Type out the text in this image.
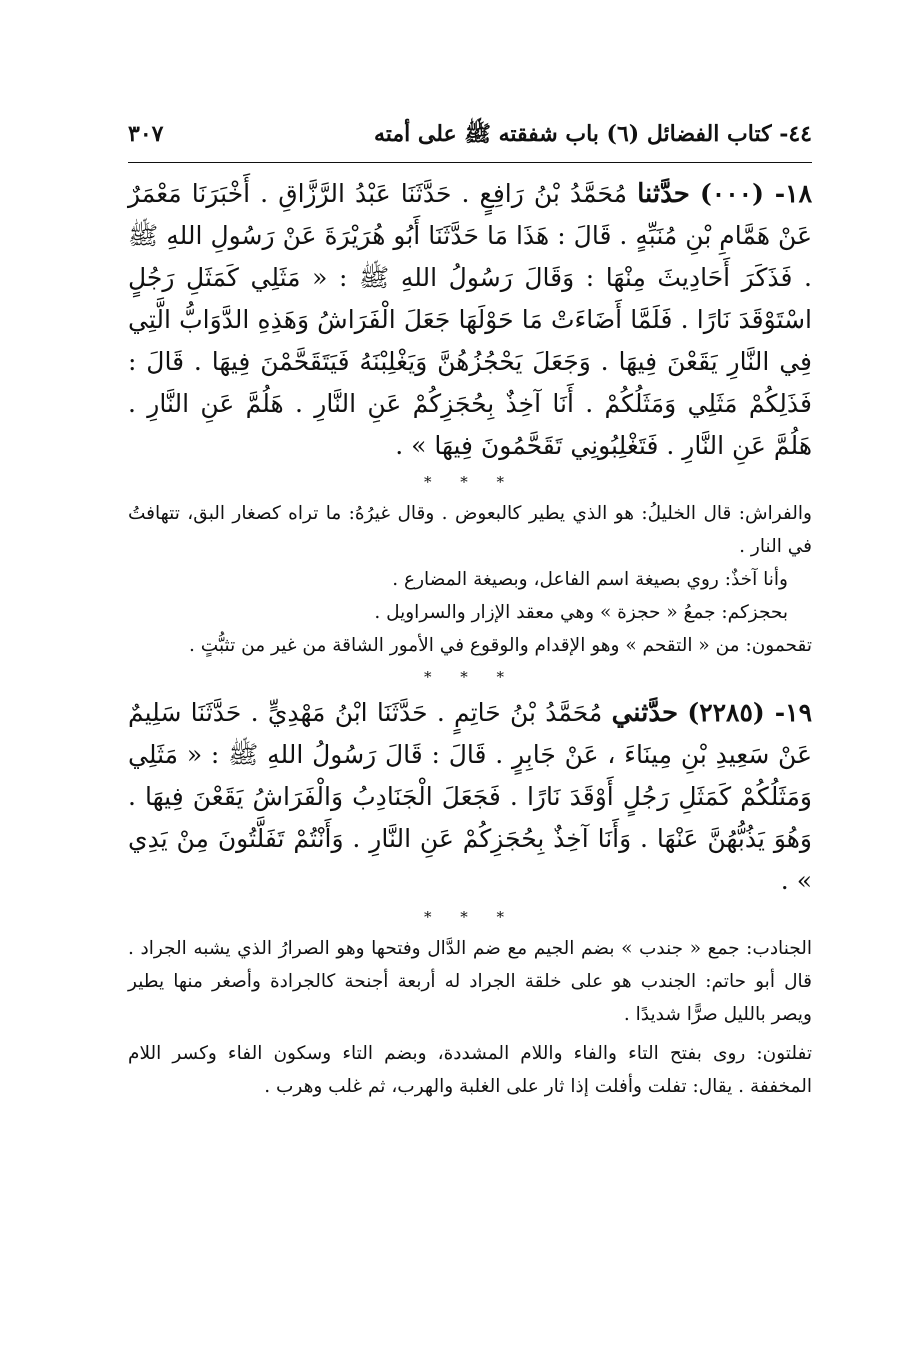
٤٤- كتاب الفضائل (٦) باب شفقته ﷺ على أمته
٣٠٧

١٨- (٠٠٠) حدَّثنا مُحَمَّدُ بْنُ رَافِعٍ . حَدَّثَنَا عَبْدُ الرَّزَّاقِ . أَخْبَرَنَا مَعْمَرٌ عَنْ هَمَّامِ بْنِ مُنَبِّهٍ . قَالَ : هَذَا مَا حَدَّثَنَا أَبُو هُرَيْرَةَ عَنْ رَسُولِ اللهِ ﷺ . فَذَكَرَ أَحَادِيثَ مِنْهَا : وَقَالَ رَسُولُ اللهِ ﷺ : « مَثَلِي كَمَثَلِ رَجُلٍ اسْتَوْقَدَ نَارًا . فَلَمَّا أَضَاءَتْ مَا حَوْلَهَا جَعَلَ الْفَرَاشُ وَهَذِهِ الدَّوَابُّ الَّتِي فِي النَّارِ يَقَعْنَ فِيهَا . وَجَعَلَ يَحْجُزُهُنَّ وَيَغْلِبْنَهُ فَيَتَقَحَّمْنَ فِيهَا . قَالَ : فَذَلِكُمْ مَثَلِي وَمَثَلُكُمْ . أَنَا آخِذٌ بِحُجَزِكُمْ عَنِ النَّارِ . هَلُمَّ عَنِ النَّارِ . هَلُمَّ عَنِ النَّارِ . فَتَغْلِبُونِي تَقَحَّمُونَ فِيهَا » .

* * *

والفراش: قال الخليلُ: هو الذي يطير كالبعوض . وقال غيرُهُ: ما تراه كصغار البق، تتهافتُ في النار .

وأنا آخذٌ: روي بصيغة اسم الفاعل، وبصيغة المضارع .

بحجزكم: جمعُ « حجزة » وهي معقد الإزار والسراويل .

تقحمون: من « التقحم » وهو الإقدام والوقوع في الأمور الشاقة من غير من تثبُّتٍ .

* * *

١٩- (٢٢٨٥) حدَّثني مُحَمَّدُ بْنُ حَاتِمٍ . حَدَّثَنَا ابْنُ مَهْدِيٍّ . حَدَّثَنَا سَلِيمٌ عَنْ سَعِيدِ بْنِ مِينَاءَ ، عَنْ جَابِرٍ . قَالَ : قَالَ رَسُولُ اللهِ ﷺ : « مَثَلِي وَمَثَلُكُمْ كَمَثَلِ رَجُلٍ أَوْقَدَ نَارًا . فَجَعَلَ الْجَنَادِبُ وَالْفَرَاشُ يَقَعْنَ فِيهَا . وَهُوَ يَذُبُّهُنَّ عَنْهَا . وَأَنَا آخِذٌ بِحُجَزِكُمْ عَنِ النَّارِ . وَأَنْتُمْ تَفَلَّتُونَ مِنْ يَدِي » .

* * *

الجنادب: جمع « جندب » بضم الجيم مع ضم الدَّال وفتحها وهو الصرارُ الذي يشبه الجراد . قال أبو حاتم: الجندب هو على خلقة الجراد له أربعة أجنحة كالجرادة وأصغر منها يطير ويصر بالليل صرًّا شديدًا .

تفلتون: روى بفتح التاء والفاء واللام المشددة، وبضم التاء وسكون الفاء وكسر اللام المخففة . يقال: تفلت وأفلت إذا ثار على الغلبة والهرب، ثم غلب وهرب .
